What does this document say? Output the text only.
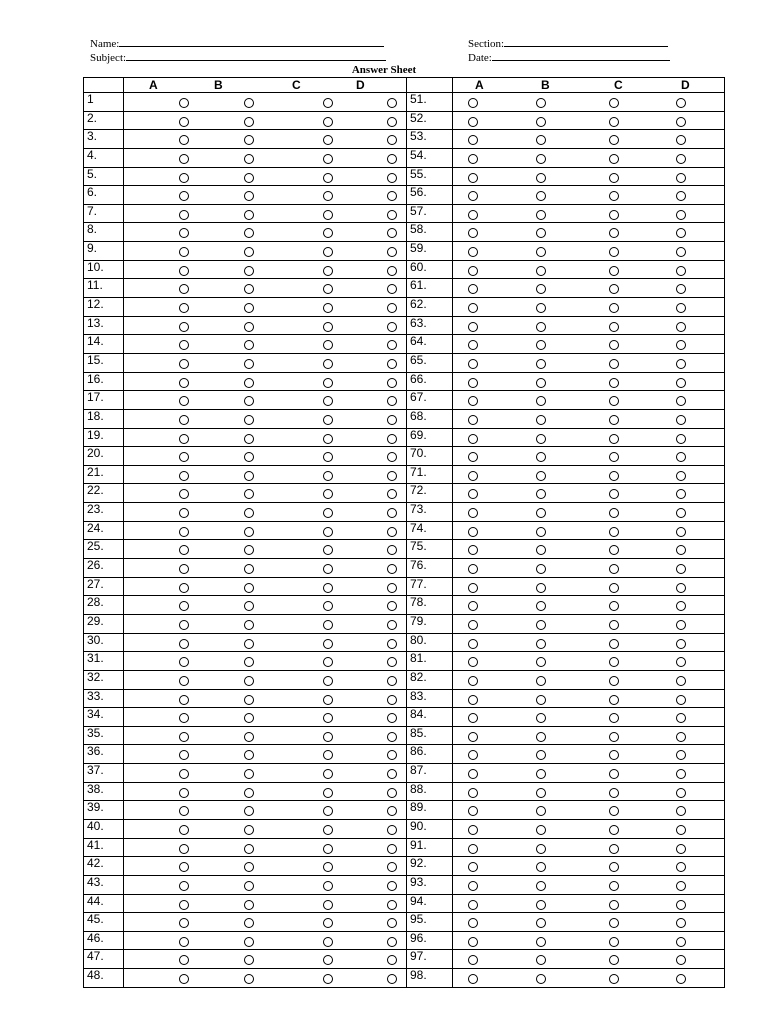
Name:
Subject:
Section:
Date:
Answer Sheet

	A B C D		A B C D

1		51.	

2.		52.	

3.		53.	

4.		54.	

5.		55.	

6.		56.	

7.		57.	

8.		58.	

9.		59.	

10.		60.	

11.		61.	

12.		62.	

13.		63.	

14.		64.	

15.		65.	

16.		66.	

17.		67.	

18.		68.	

19.		69.	

20.		70.	

21.		71.	

22.		72.	

23.		73.	

24.		74.	

25.		75.	

26.		76.	

27.		77.	

28.		78.	

29.		79.	

30.		80.	

31.		81.	

32.		82.	

33.		83.	

34.		84.	

35.		85.	

36.		86.	

37.		87.	

38.		88.	

39.		89.	

40.		90.	

41.		91.	

42.		92.	

43.		93.	

44.		94.	

45.		95.	

46.		96.	

47.		97.	

48.		98.	
